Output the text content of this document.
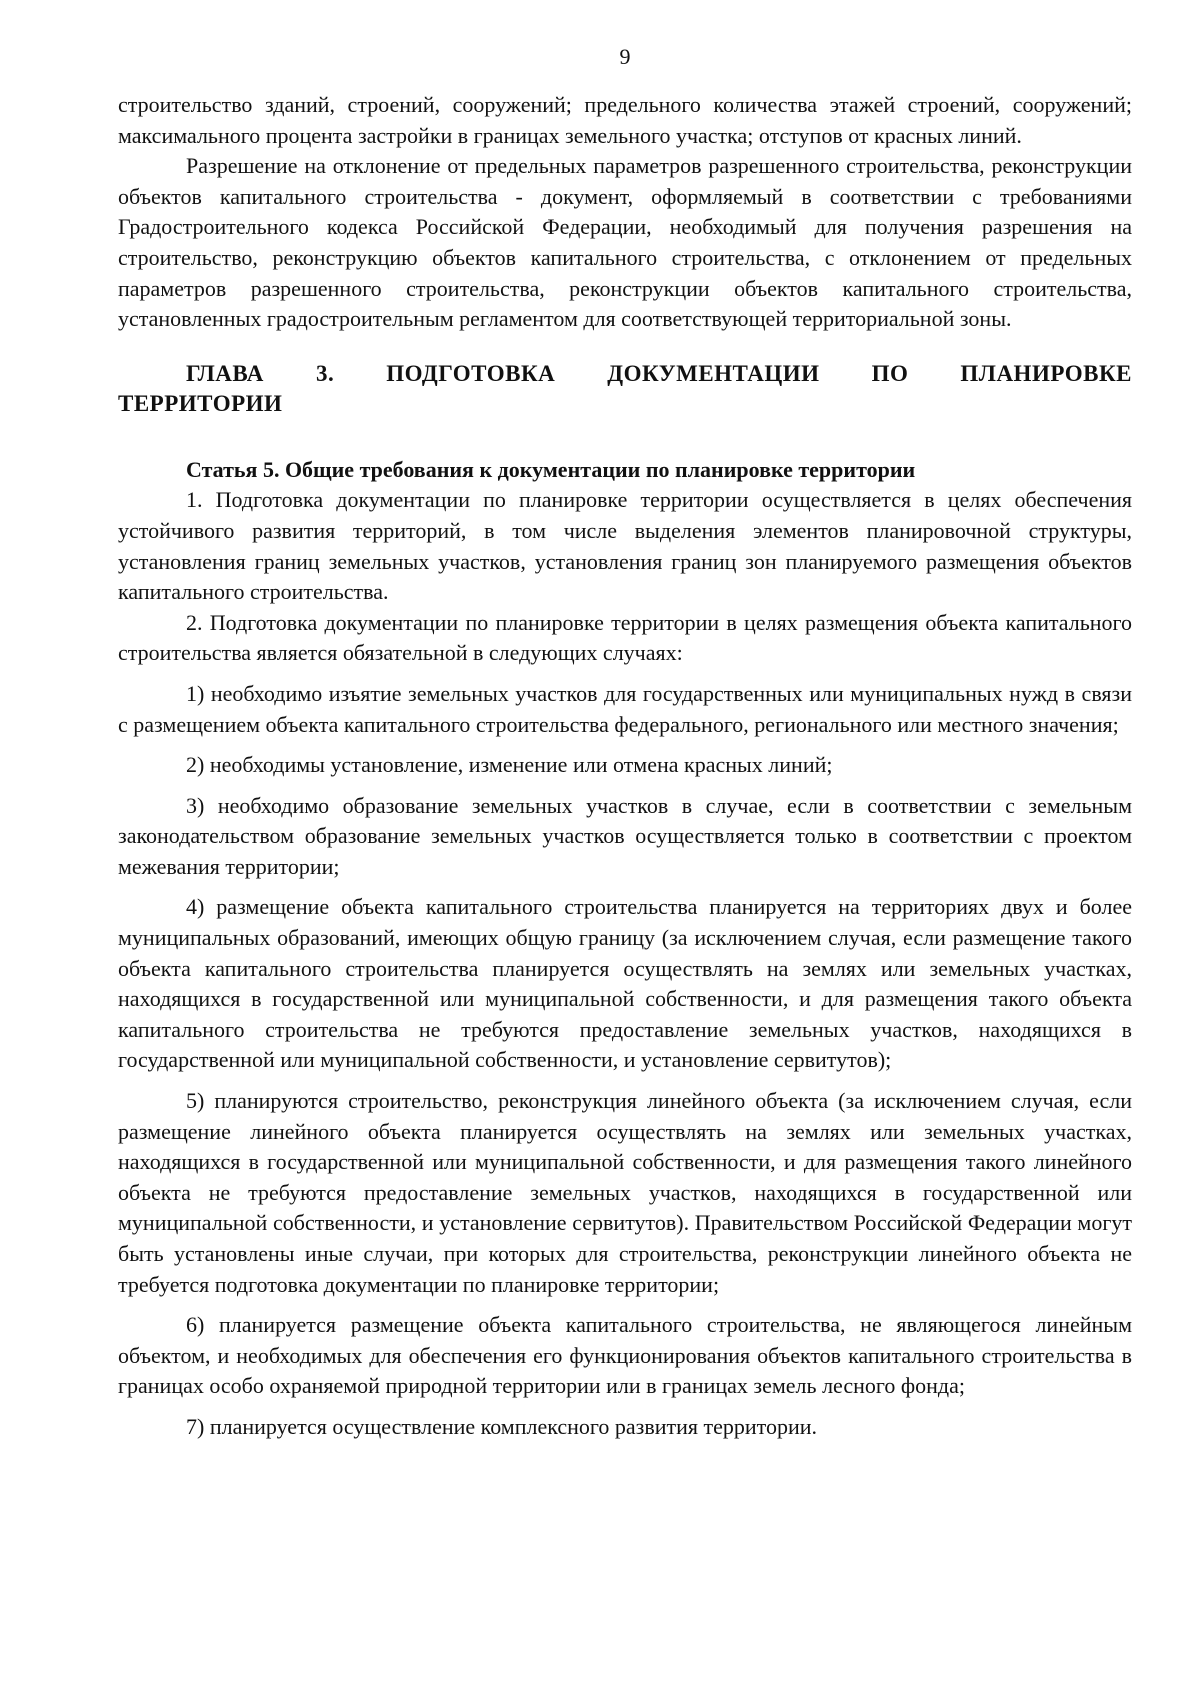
9

строительство зданий, строений, сооружений; предельного количества этажей строений, сооружений; максимального процента застройки в границах земельного участка; отступов от красных линий.

Разрешение на отклонение от предельных параметров разрешенного строительства, реконструкции объектов капитального строительства - документ, оформляемый в соответствии с требованиями Градостроительного кодекса Российской Федерации, необходимый для получения разрешения на строительство, реконструкцию объектов капитального строительства, с отклонением от предельных параметров разрешенного строительства, реконструкции объектов капитального строительства, установленных градостроительным регламентом для соответствующей территориальной зоны.

ГЛАВА 3. ПОДГОТОВКА ДОКУМЕНТАЦИИ ПО ПЛАНИРОВКЕ
ТЕРРИТОРИИ
Статья 5. Общие требования к документации по планировке территории

1. Подготовка документации по планировке территории осуществляется в целях обеспечения устойчивого развития территорий, в том числе выделения элементов планировочной структуры, установления границ земельных участков, установления границ зон планируемого размещения объектов капитального строительства.

2. Подготовка документации по планировке территории в целях размещения объекта капитального строительства является обязательной в следующих случаях:

1) необходимо изъятие земельных участков для государственных или муниципальных нужд в связи с размещением объекта капитального строительства федерального, регионального или местного значения;

2) необходимы установление, изменение или отмена красных линий;

3) необходимо образование земельных участков в случае, если в соответствии с земельным законодательством образование земельных участков осуществляется только в соответствии с проектом межевания территории;

4) размещение объекта капитального строительства планируется на территориях двух и более муниципальных образований, имеющих общую границу (за исключением случая, если размещение такого объекта капитального строительства планируется осуществлять на землях или земельных участках, находящихся в государственной или муниципальной собственности, и для размещения такого объекта капитального строительства не требуются предоставление земельных участков, находящихся в государственной или муниципальной собственности, и установление сервитутов);

5) планируются строительство, реконструкция линейного объекта (за исключением случая, если размещение линейного объекта планируется осуществлять на землях или земельных участках, находящихся в государственной или муниципальной собственности, и для размещения такого линейного объекта не требуются предоставление земельных участков, находящихся в государственной или муниципальной собственности, и установление сервитутов). Правительством Российской Федерации могут быть установлены иные случаи, при которых для строительства, реконструкции линейного объекта не требуется подготовка документации по планировке территории;

6) планируется размещение объекта капитального строительства, не являющегося линейным объектом, и необходимых для обеспечения его функционирования объектов капитального строительства в границах особо охраняемой природной территории или в границах земель лесного фонда;

7) планируется осуществление комплексного развития территории.
